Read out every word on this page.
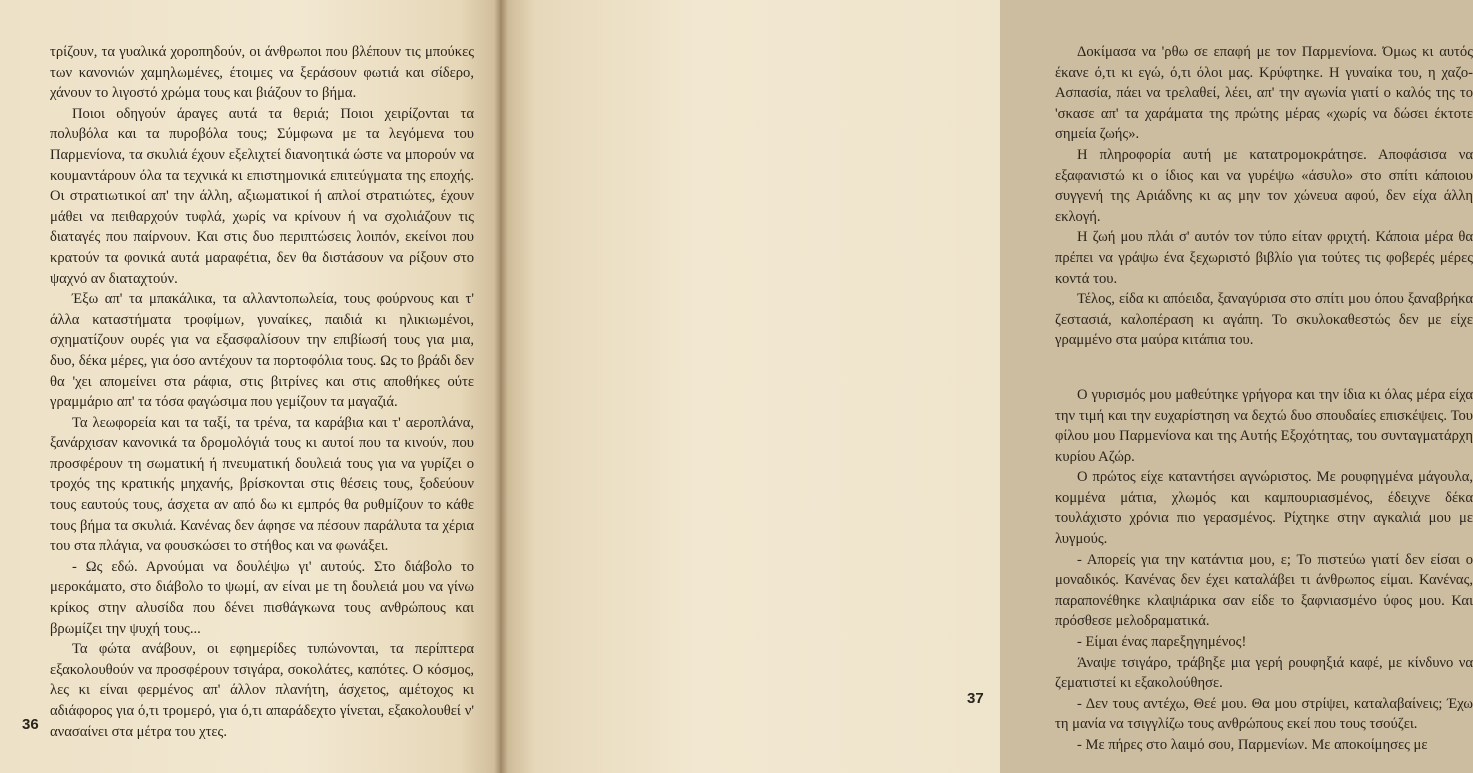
τρίζουν, τα γυαλικά χοροπηδούν, οι άνθρωποι που βλέπουν τις μπούκες των κανονιών χαμηλωμένες, έτοιμες να ξεράσουν φωτιά και σίδερο, χάνουν το λιγοστό χρώμα τους και βιάζουν το βήμα.

Ποιοι οδηγούν άραγες αυτά τα θεριά; Ποιοι χειρίζονται τα πολυβόλα και τα πυροβόλα τους; Σύμφωνα με τα λεγόμενα του Παρμενίονα, τα σκυλιά έχουν εξελιχτεί διανοητικά ώστε να μπορούν να κουμαντάρουν όλα τα τεχνικά κι επιστημονικά επιτεύγματα της εποχής. Οι στρατιωτικοί απ' την άλλη, αξιωματικοί ή απλοί στρατιώτες, έχουν μάθει να πειθαρχούν τυφλά, χωρίς να κρίνουν ή να σχολιάζουν τις διαταγές που παίρνουν. Και στις δυο περιπτώσεις λοιπόν, εκείνοι που κρατούν τα φονικά αυτά μαραφέτια, δεν θα διστάσουν να ρίξουν στο ψαχνό αν διαταχτούν.

Έξω απ' τα μπακάλικα, τα αλλαντοπωλεία, τους φούρνους και τ' άλλα καταστήματα τροφίμων, γυναίκες, παιδιά κι ηλικιωμένοι, σχηματίζουν ουρές για να εξασφαλίσουν την επιβίωσή τους για μια, δυο, δέκα μέρες, για όσο αντέχουν τα πορτοφόλια τους. Ως το βράδι δεν θα 'χει απομείνει στα ράφια, στις βιτρίνες και στις αποθήκες ούτε γραμμάριο απ' τα τόσα φαγώσιμα που γεμίζουν τα μαγαζιά.

Τα λεωφορεία και τα ταξί, τα τρένα, τα καράβια και τ' αεροπλάνα, ξανάρχισαν κανονικά τα δρομολόγιά τους κι αυτοί που τα κινούν, που προσφέρουν τη σωματική ή πνευματική δουλειά τους για να γυρίζει ο τροχός της κρατικής μηχανής, βρίσκονται στις θέσεις τους, ξοδεύουν τους εαυτούς τους, άσχετα αν από δω κι εμπρός θα ρυθμίζουν το κάθε τους βήμα τα σκυλιά. Κανένας δεν άφησε να πέσουν παράλυτα τα χέρια του στα πλάγια, να φουσκώσει το στήθος και να φωνάξει.

- Ως εδώ. Αρνούμαι να δουλέψω γι' αυτούς. Στο διάβολο το μεροκάματο, στο διάβολο το ψωμί, αν είναι με τη δουλειά μου να γίνω κρίκος στην αλυσίδα που δένει πισθάγκωνα τους ανθρώπους και βρωμίζει την ψυχή τους...

Τα φώτα ανάβουν, οι εφημερίδες τυπώνονται, τα περίπτερα εξακολουθούν να προσφέρουν τσιγάρα, σοκολάτες, καπότες. Ο κόσμος, λες κι είναι φερμένος απ' άλλον πλανήτη, άσχετος, αμέτοχος κι αδιάφορος για ό,τι τρομερό, για ό,τι απαράδεχτο γίνεται, εξακολουθεί ν' ανασαίνει στα μέτρα του χτες.

36

Δοκίμασα να 'ρθω σε επαφή με τον Παρμενίονα. Όμως κι αυτός έκανε ό,τι κι εγώ, ό,τι όλοι μας. Κρύφτηκε. Η γυναίκα του, η χαζο-Ασπασία, πάει να τρελαθεί, λέει, απ' την αγωνία γιατί ο καλός της το 'σκασε απ' τα χαράματα της πρώτης μέρας «χωρίς να δώσει έκτοτε σημεία ζωής».

Η πληροφορία αυτή με κατατρομοκράτησε. Αποφάσισα να εξαφανιστώ κι ο ίδιος και να γυρέψω «άσυλο» στο σπίτι κάποιου συγγενή της Αριάδνης κι ας μην τον χώνευα αφού, δεν είχα άλλη εκλογή.

Η ζωή μου πλάι σ' αυτόν τον τύπο είταν φριχτή. Κάποια μέρα θα πρέπει να γράψω ένα ξεχωριστό βιβλίο για τούτες τις φοβερές μέρες κοντά του.

Τέλος, είδα κι απόειδα, ξαναγύρισα στο σπίτι μου όπου ξαναβρήκα ζεστασιά, καλοπέραση κι αγάπη. Το σκυλοκαθεστώς δεν με είχε γραμμένο στα μαύρα κιτάπια του.

Ο γυρισμός μου μαθεύτηκε γρήγορα και την ίδια κι όλας μέρα είχα την τιμή και την ευχαρίστηση να δεχτώ δυο σπουδαίες επισκέψεις. Του φίλου μου Παρμενίονα και της Αυτής Εξοχότητας, του συνταγματάρχη κυρίου Αζώρ.

Ο πρώτος είχε καταντήσει αγνώριστος. Με ρουφηγμένα μάγουλα, κομμένα μάτια, χλωμός και καμπουριασμένος, έδειχνε δέκα τουλάχιστο χρόνια πιο γερασμένος. Ρίχτηκε στην αγκαλιά μου με λυγμούς.

- Απορείς για την κατάντια μου, ε; Το πιστεύω γιατί δεν είσαι ο μοναδικός. Κανένας δεν έχει καταλάβει τι άνθρωπος είμαι. Κανένας, παραπονέθηκε κλαψιάρικα σαν είδε το ξαφνιασμένο ύφος μου. Και πρόσθεσε μελοδραματικά.

- Είμαι ένας παρεξηγημένος!

Άναψε τσιγάρο, τράβηξε μια γερή ρουφηξιά καφέ, με κίνδυνο να ζεματιστεί κι εξακολούθησε.

- Δεν τους αντέχω, Θεέ μου. Θα μου στρίψει, καταλαβαίνεις; Έχω τη μανία να τσιγγλίζω τους ανθρώπους εκεί που τους τσούζει.

- Με πήρες στο λαιμό σου, Παρμενίων. Με αποκοίμησες με

37
